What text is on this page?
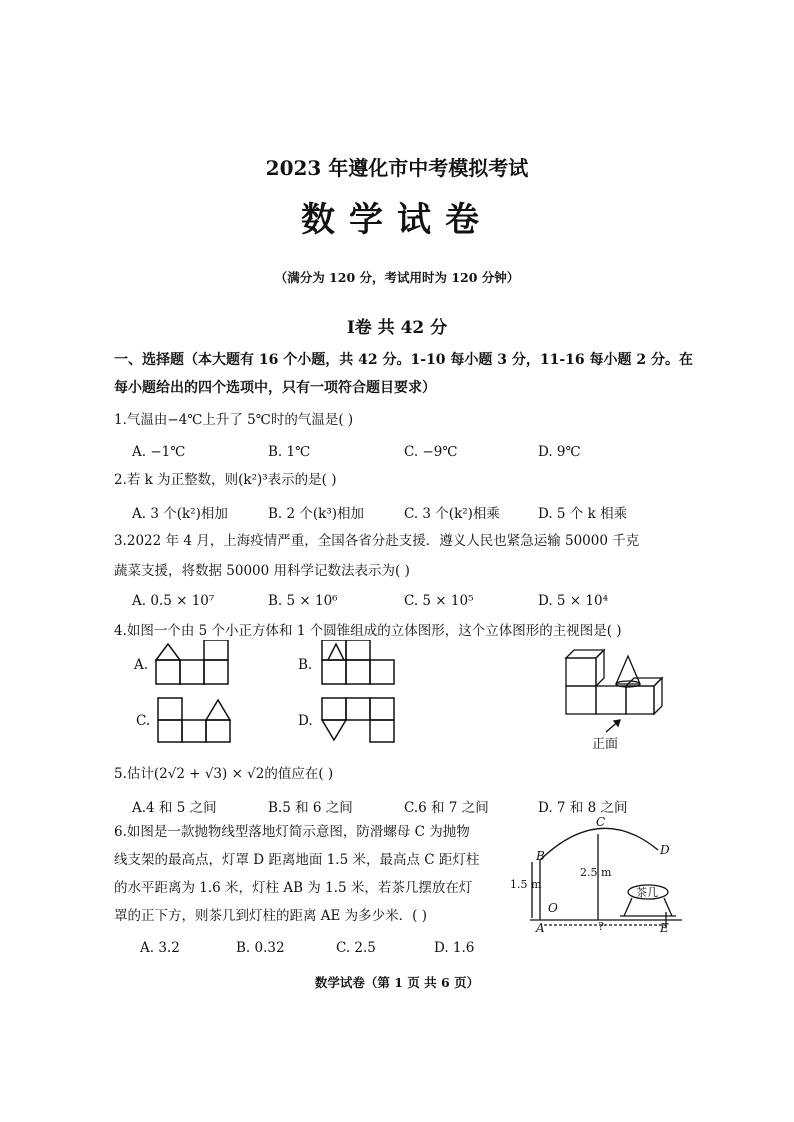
2023 年遵化市中考模拟考试
数学试卷
（满分为 120 分，考试用时为 120 分钟）
Ⅰ卷 共 42 分
一、选择题（本大题有 16 个小题，共 42 分。1-10 每小题 3 分，11-16 每小题 2 分。在
每小题给出的四个选项中，只有一项符合题目要求）
1.气温由−4℃上升了 5℃时的气温是( )
A. −1℃	B. 1℃	C. −9℃	D. 9℃
2.若 k 为正整数，则(k²)³表示的是( )
A. 3 个(k²)相加	B. 2 个(k³)相加	C. 3 个(k²)相乘	D. 5 个 k 相乘
3.2022 年 4 月，上海疫情严重，全国各省分赴支援．遵义人民也紧急运输 50000 千克
蔬菜支援，将数据 50000 用科学记数法表示为( )
A. 0.5 × 10⁷	B. 5 × 10⁶	C. 5 × 10⁵	D. 5 × 10⁴
4.如图一个由 5 个小正方体和 1 个圆锥组成的立体图形，这个立体图形的主视图是( )
A.	B.
C.	D.
正面
5.估计(2√2 + √3) × √2的值应在( )
A.4 和 5 之间	B.5 和 6 之间	C.6 和 7 之间	D. 7 和 8 之间
6.如图是一款抛物线型落地灯简示意图，防滑螺母 C 为抛物
线支架的最高点，灯罩 D 距离地面 1.5 米，最高点 C 距灯柱
的水平距离为 1.6 米，灯柱 AB 为 1.5 米，若茶几摆放在灯
罩的正下方，则茶几到灯柱的距离 AE 为多少米．( )
A. 3.2	B. 0.32	C. 2.5	D. 1.6
C
D
B
O
A	E
1.5 m
2.5 m
?
茶几
数学试卷（第 1 页 共 6 页）
